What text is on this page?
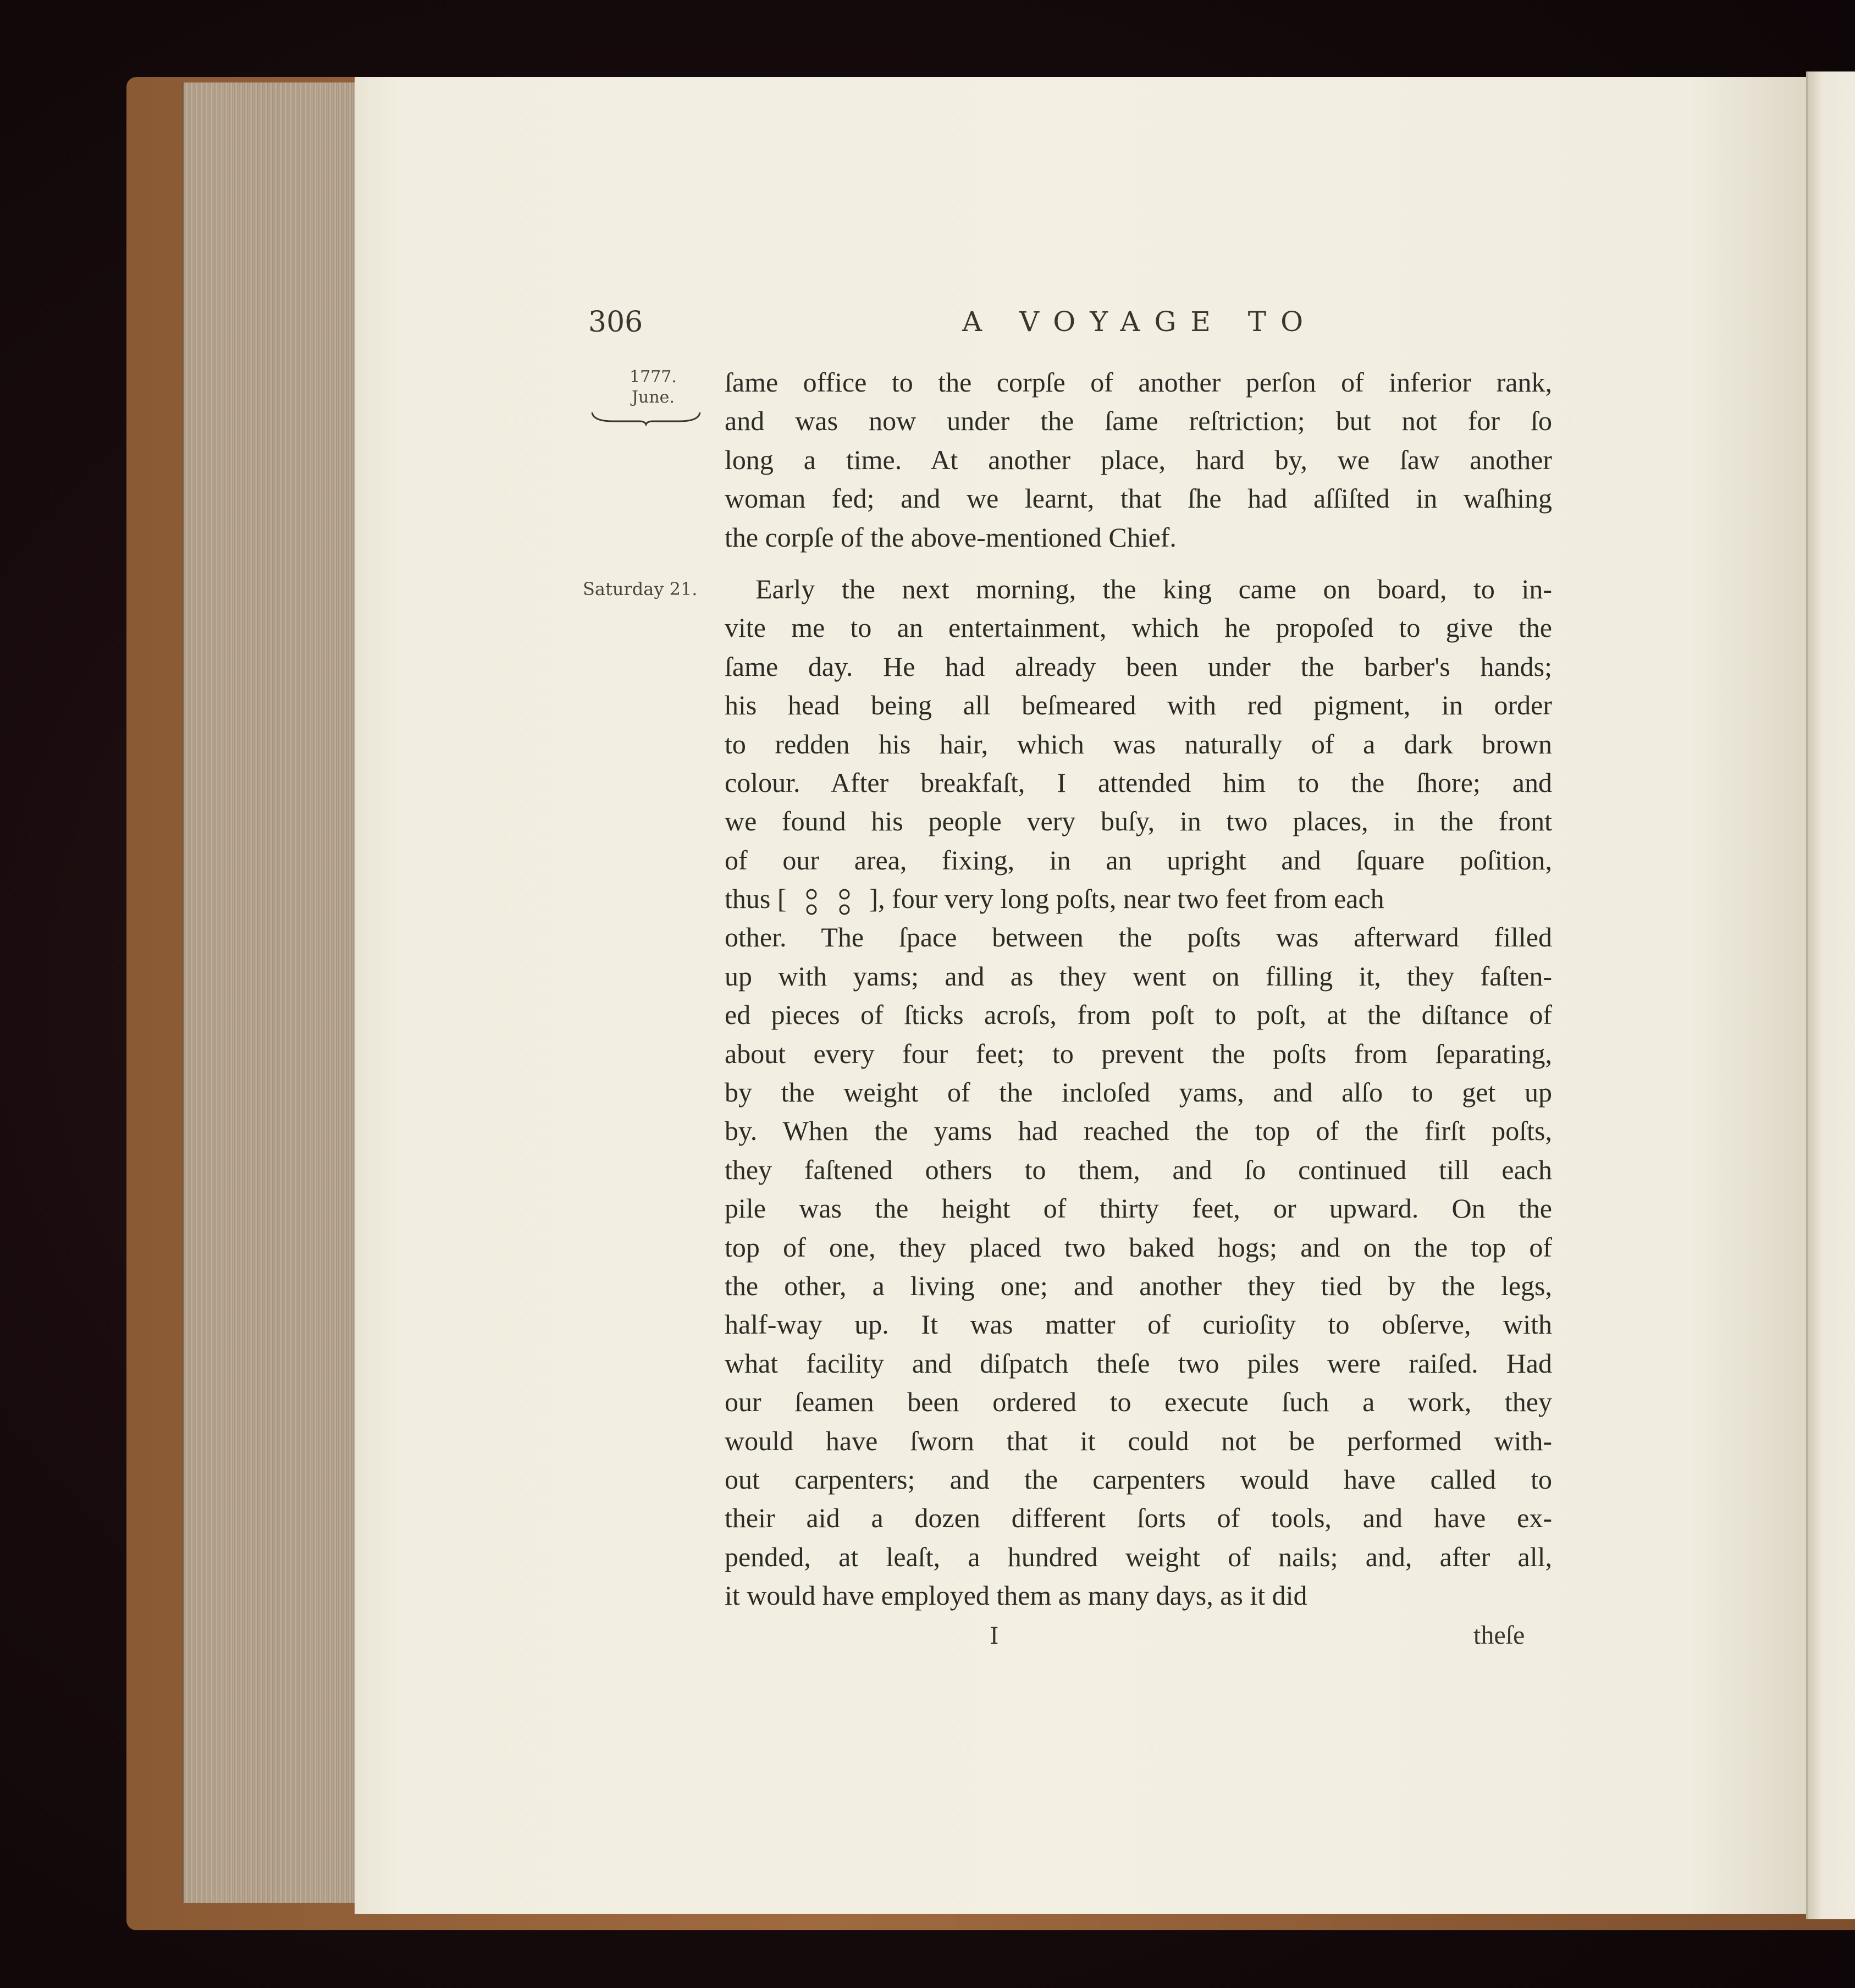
306	A VOYAGE TO
1777.
June.
Saturday 21.
ſame office to the corpſe of another perſon of inferior rank,
and was now under the ſame reſtriction; but not for ſo
long a time. At another place, hard by, we ſaw another
woman fed; and we learnt, that ſhe had aſſiſted in waſhing
the corpſe of the above-mentioned Chief.
Early the next morning, the king came on board, to in-
vite me to an entertainment, which he propoſed to give the
ſame day. He had already been under the barber's hands;
his head being all beſmeared with red pigment, in order
to redden his hair, which was naturally of a dark brown
colour. After breakfaſt, I attended him to the ſhore; and
we found his people very buſy, in two places, in the front
of our area, fixing, in an upright and ſquare poſition,
thus [	], four very long poſts, near two feet from each
other. The ſpace between the poſts was afterward filled
up with yams; and as they went on filling it, they faſten-
ed pieces of ſticks acroſs, from poſt to poſt, at the diſtance of
about every four feet; to prevent the poſts from ſeparating,
by the weight of the incloſed yams, and alſo to get up
by. When the yams had reached the top of the firſt poſts,
they faſtened others to them, and ſo continued till each
pile was the height of thirty feet, or upward. On the
top of one, they placed two baked hogs; and on the top of
the other, a living one; and another they tied by the legs,
half-way up. It was matter of curioſity to obſerve, with
what facility and diſpatch theſe two piles were raiſed. Had
our ſeamen been ordered to execute ſuch a work, they
would have ſworn that it could not be performed with-
out carpenters; and the carpenters would have called to
their aid a dozen different ſorts of tools, and have ex-
pended, at leaſt, a hundred weight of nails; and, after all,
it would have employed them as many days, as it did
I	theſe
